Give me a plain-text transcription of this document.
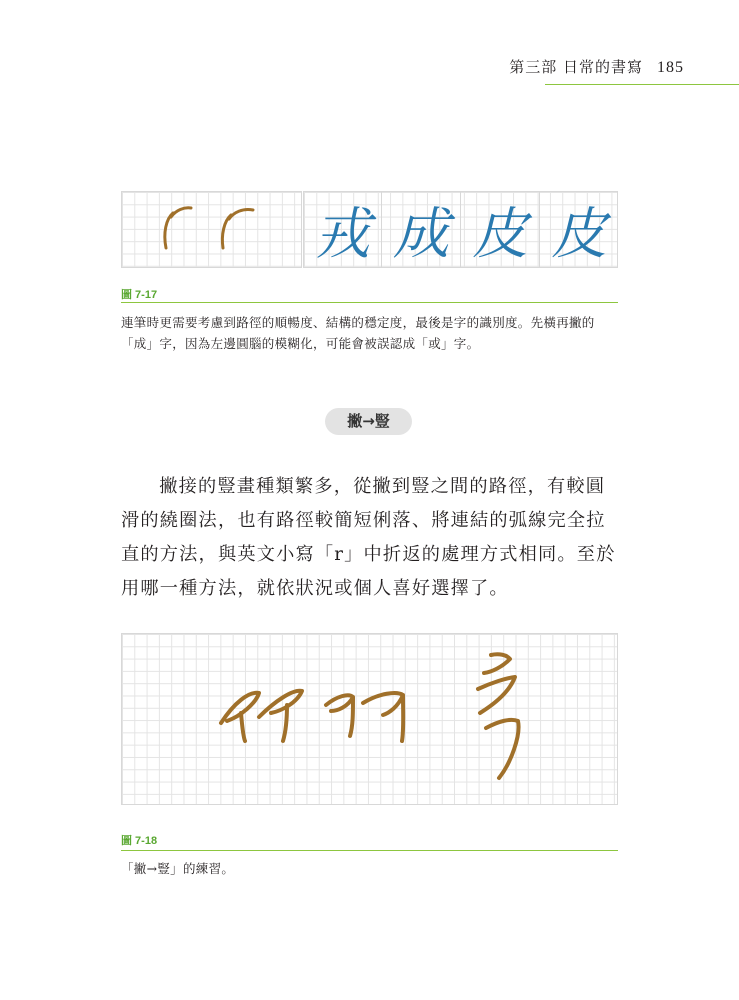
第三部 日常的書寫 185
戎 成 皮 皮
圖 7-17
連筆時更需要考慮到路徑的順暢度、結構的穩定度，最後是字的識別度。先橫再撇的「成」字，因為左邊圓腦的模糊化，可能會被誤認成「或」字。
撇→豎

撇接的豎畫種類繁多，從撇到豎之間的路徑，有較圓滑的繞圈法，也有路徑較簡短俐落、將連結的弧線完全拉直的方法，與英文小寫「r」中折返的處理方式相同。至於用哪一種方法，就依狀況或個人喜好選擇了。

圖 7-18
「撇→豎」的練習。
